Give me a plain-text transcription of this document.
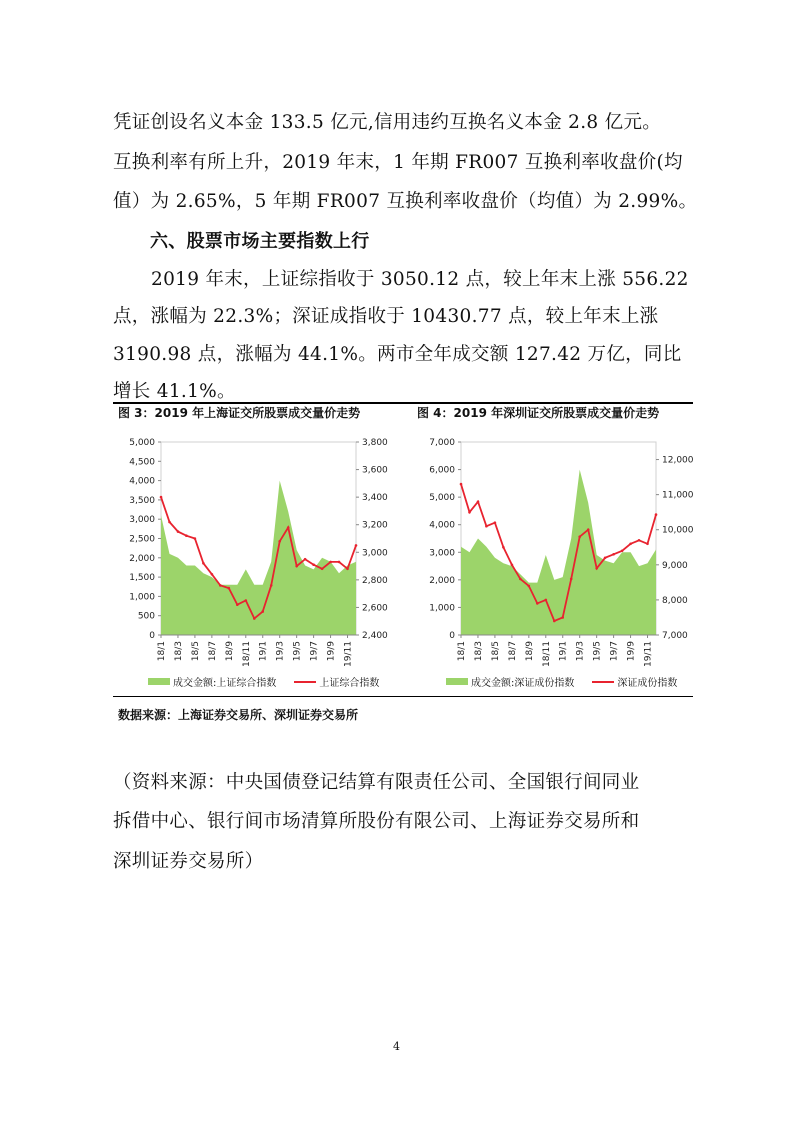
凭证创设名义本金 133.5 亿元,信用违约互换名义本金 2.8 亿元。
互换利率有所上升，2019 年末，1 年期 FR007 互换利率收盘价(均
值）为 2.65%，5 年期 FR007 互换利率收盘价（均值）为 2.99%。
六、股票市场主要指数上行
2019 年末，上证综指收于 3050.12 点，较上年末上涨 556.22
点，涨幅为 22.3%；深证成指收于 10430.77 点，较上年末上涨
3190.98 点，涨幅为 44.1%。两市全年成交额 127.42 万亿，同比
增长 41.1%。
图 3：2019 年上海证交所股票成交量价走势	图 4：2019 年深圳证交所股票成交量价走势
0
500
1,000
1,500
2,000
2,500
3,000
3,500
4,000
4,500
5,000
2,400
2,600
2,800
3,000
3,200
3,400
3,600
3,800
18/1 18/3 18/5 18/7 18/9 18/11 19/1 19/3 19/5 19/7 19/9 19/11
0
1,000
2,000
3,000
4,000
5,000
6,000
7,000
7,000
8,000
9,000
10,000
11,000
12,000
18/1 18/3 18/5 18/7 18/9 18/11 19/1 19/3 19/5 19/7 19/9 19/11
成交金额:上证综合指数	上证综合指数	成交金额:深证成份指数	深证成份指数
数据来源：上海证券交易所、深圳证券交易所
（资料来源：中央国债登记结算有限责任公司、全国银行间同业
拆借中心、银行间市场清算所股份有限公司、上海证券交易所和
深圳证券交易所）
4
